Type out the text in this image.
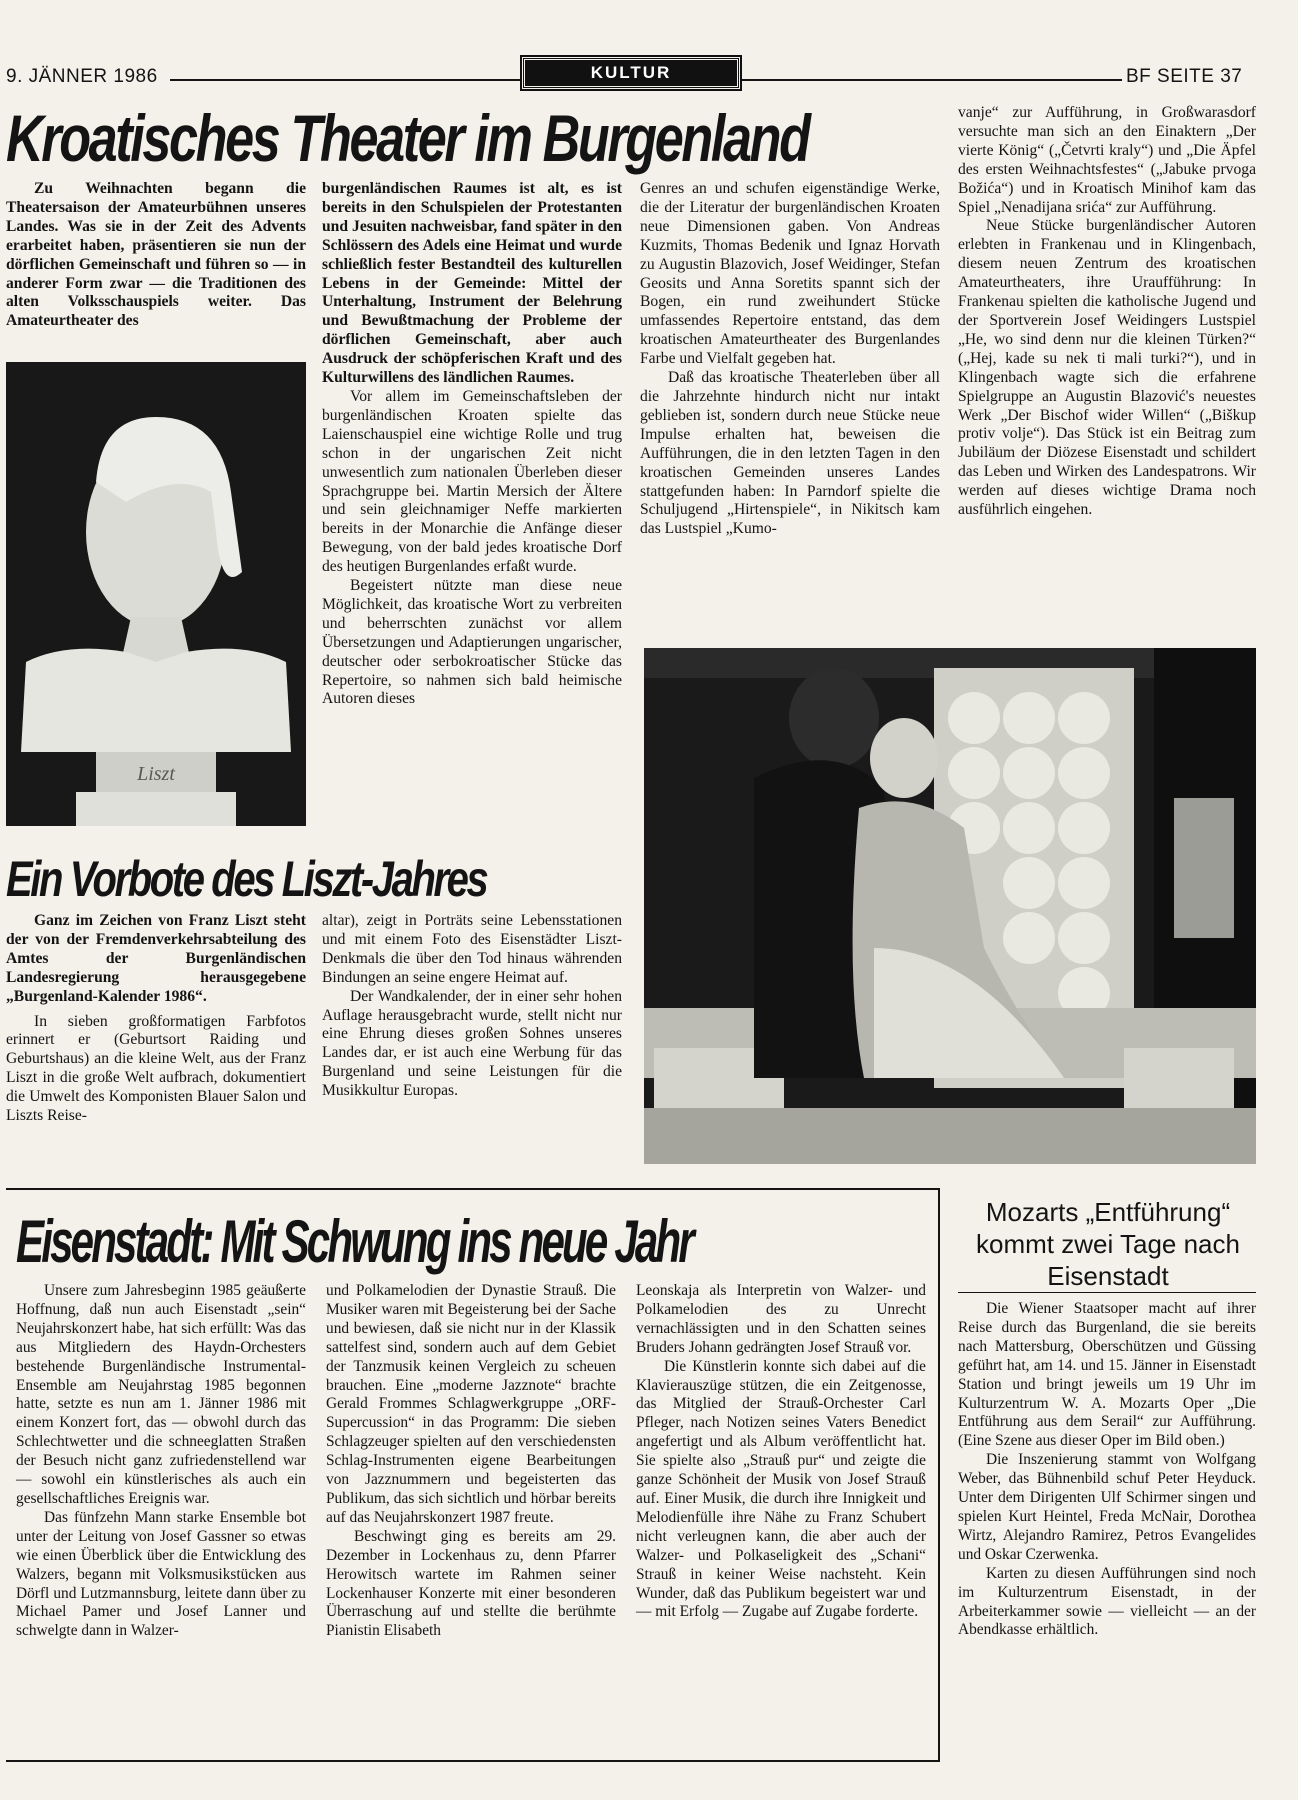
9. JÄNNER 1986	KULTUR	BF SEITE 37
Kroatisches Theater im Burgenland

Zu Weihnachten begann die Theatersaison der Amateurbühnen unseres Landes. Was sie in der Zeit des Advents erarbeitet haben, präsentieren sie nun der dörflichen Gemeinschaft und führen so — in anderer Form zwar — die Traditionen des alten Volksschauspiels weiter. Das Amateurtheater des

Liszt

burgenländischen Raumes ist alt, es ist bereits in den Schulspielen der Protestanten und Jesuiten nachweisbar, fand später in den Schlössern des Adels eine Heimat und wurde schließlich fester Bestandteil des kulturellen Lebens in der Gemeinde: Mittel der Unterhaltung, Instrument der Belehrung und Bewußtmachung der Probleme der dörflichen Gemeinschaft, aber auch Ausdruck der schöpferischen Kraft und des Kulturwillens des ländlichen Raumes.

Vor allem im Gemeinschaftsleben der burgenländischen Kroaten spielte das Laienschauspiel eine wichtige Rolle und trug schon in der ungarischen Zeit nicht unwesentlich zum nationalen Überleben dieser Sprachgruppe bei. Martin Mersich der Ältere und sein gleichnamiger Neffe markierten bereits in der Monarchie die Anfänge dieser Bewegung, von der bald jedes kroatische Dorf des heutigen Burgenlandes erfaßt wurde.

Begeistert nützte man diese neue Möglichkeit, das kroatische Wort zu verbreiten und beherrschten zunächst vor allem Übersetzungen und Adaptierungen ungarischer, deutscher oder serbokroatischer Stücke das Repertoire, so nahmen sich bald heimische Autoren dieses

Genres an und schufen eigenständige Werke, die der Literatur der burgenländischen Kroaten neue Dimensionen gaben. Von Andreas Kuzmits, Thomas Bedenik und Ignaz Horvath zu Augustin Blazovich, Josef Weidinger, Stefan Geosits und Anna Soretits spannt sich der Bogen, ein rund zweihundert Stücke umfassendes Repertoire entstand, das dem kroatischen Amateurtheater des Burgenlandes Farbe und Vielfalt gegeben hat.

Daß das kroatische Theaterleben über all die Jahrzehnte hindurch nicht nur intakt geblieben ist, sondern durch neue Stücke neue Impulse erhalten hat, beweisen die Aufführungen, die in den letzten Tagen in den kroatischen Gemeinden unseres Landes stattgefunden haben: In Parndorf spielte die Schuljugend „Hirtenspiele“, in Nikitsch kam das Lustspiel „Kumo-

vanje“ zur Aufführung, in Großwarasdorf versuchte man sich an den Einaktern „Der vierte König“ („Četvrti kraly“) und „Die Äpfel des ersten Weihnachtsfestes“ („Jabuke prvoga Božića“) und in Kroatisch Minihof kam das Spiel „Nenadijana srića“ zur Aufführung.

Neue Stücke burgenländischer Autoren erlebten in Frankenau und in Klingenbach, diesem neuen Zentrum des kroatischen Amateurtheaters, ihre Uraufführung: In Frankenau spielten die katholische Jugend und der Sportverein Josef Weidingers Lustspiel „He, wo sind denn nur die kleinen Türken?“ („Hej, kade su nek ti mali turki?“), und in Klingenbach wagte sich die erfahrene Spielgruppe an Augustin Blazović's neuestes Werk „Der Bischof wider Willen“ („Biškup protiv volje“). Das Stück ist ein Beitrag zum Jubiläum der Diözese Eisenstadt und schildert das Leben und Wirken des Landespatrons. Wir werden auf dieses wichtige Drama noch ausführlich eingehen.

Ein Vorbote des Liszt-Jahres

Ganz im Zeichen von Franz Liszt steht der von der Fremdenverkehrsabteilung des Amtes der Burgenländischen Landesregierung herausgegebene „Burgenland-Kalender 1986“.

In sieben großformatigen Farbfotos erinnert er (Geburtsort Raiding und Geburtshaus) an die kleine Welt, aus der Franz Liszt in die große Welt aufbrach, dokumentiert die Umwelt des Komponisten Blauer Salon und Liszts Reise-

altar), zeigt in Porträts seine Lebensstationen und mit einem Foto des Eisenstädter Liszt-Denkmals die über den Tod hinaus währenden Bindungen an seine engere Heimat auf.

Der Wandkalender, der in einer sehr hohen Auflage herausgebracht wurde, stellt nicht nur eine Ehrung dieses großen Sohnes unseres Landes dar, er ist auch eine Werbung für das Burgenland und seine Leistungen für die Musikkultur Europas.

Eisenstadt: Mit Schwung ins neue Jahr

Unsere zum Jahresbeginn 1985 geäußerte Hoffnung, daß nun auch Eisenstadt „sein“ Neujahrskonzert habe, hat sich erfüllt: Was das aus Mitgliedern des Haydn-Orchesters bestehende Burgenländische Instrumental-Ensemble am Neujahrstag 1985 begonnen hatte, setzte es nun am 1. Jänner 1986 mit einem Konzert fort, das — obwohl durch das Schlechtwetter und die schneeglatten Straßen der Besuch nicht ganz zufriedenstellend war — sowohl ein künstlerisches als auch ein gesellschaftliches Ereignis war.

Das fünfzehn Mann starke Ensemble bot unter der Leitung von Josef Gassner so etwas wie einen Überblick über die Entwicklung des Walzers, begann mit Volksmusikstücken aus Dörfl und Lutzmannsburg, leitete dann über zu Michael Pamer und Josef Lanner und schwelgte dann in Walzer-

und Polkamelodien der Dynastie Strauß. Die Musiker waren mit Begeisterung bei der Sache und bewiesen, daß sie nicht nur in der Klassik sattelfest sind, sondern auch auf dem Gebiet der Tanzmusik keinen Vergleich zu scheuen brauchen. Eine „moderne Jazznote“ brachte Gerald Frommes Schlagwerkgruppe „ORF-Supercussion“ in das Programm: Die sieben Schlagzeuger spielten auf den verschiedensten Schlag-Instrumenten eigene Bearbeitungen von Jazznummern und begeisterten das Publikum, das sich sichtlich und hörbar bereits auf das Neujahrskonzert 1987 freute.

Beschwingt ging es bereits am 29. Dezember in Lockenhaus zu, denn Pfarrer Herowitsch wartete im Rahmen seiner Lockenhauser Konzerte mit einer besonderen Überraschung auf und stellte die berühmte Pianistin Elisabeth

Leonskaja als Interpretin von Walzer- und Polkamelodien des zu Unrecht vernachlässigten und in den Schatten seines Bruders Johann gedrängten Josef Strauß vor.

Die Künstlerin konnte sich dabei auf die Klavierauszüge stützen, die ein Zeitgenosse, das Mitglied der Strauß-Orchester Carl Pfleger, nach Notizen seines Vaters Benedict angefertigt und als Album veröffentlicht hat. Sie spielte also „Strauß pur“ und zeigte die ganze Schönheit der Musik von Josef Strauß auf. Einer Musik, die durch ihre Innigkeit und Melodienfülle ihre Nähe zu Franz Schubert nicht verleugnen kann, die aber auch der Walzer- und Polkaseligkeit des „Schani“ Strauß in keiner Weise nachsteht. Kein Wunder, daß das Publikum begeistert war und — mit Erfolg — Zugabe auf Zugabe forderte.

Mozarts „Entführung“ kommt zwei Tage nach Eisenstadt

Die Wiener Staatsoper macht auf ihrer Reise durch das Burgenland, die sie bereits nach Mattersburg, Oberschützen und Güssing geführt hat, am 14. und 15. Jänner in Eisenstadt Station und bringt jeweils um 19 Uhr im Kulturzentrum W. A. Mozarts Oper „Die Entführung aus dem Serail“ zur Aufführung. (Eine Szene aus dieser Oper im Bild oben.)

Die Inszenierung stammt von Wolfgang Weber, das Bühnenbild schuf Peter Heyduck. Unter dem Dirigenten Ulf Schirmer singen und spielen Kurt Heintel, Freda McNair, Dorothea Wirtz, Alejandro Ramirez, Petros Evangelides und Oskar Czerwenka.

Karten zu diesen Aufführungen sind noch im Kulturzentrum Eisenstadt, in der Arbeiterkammer sowie — vielleicht — an der Abendkasse erhältlich.
